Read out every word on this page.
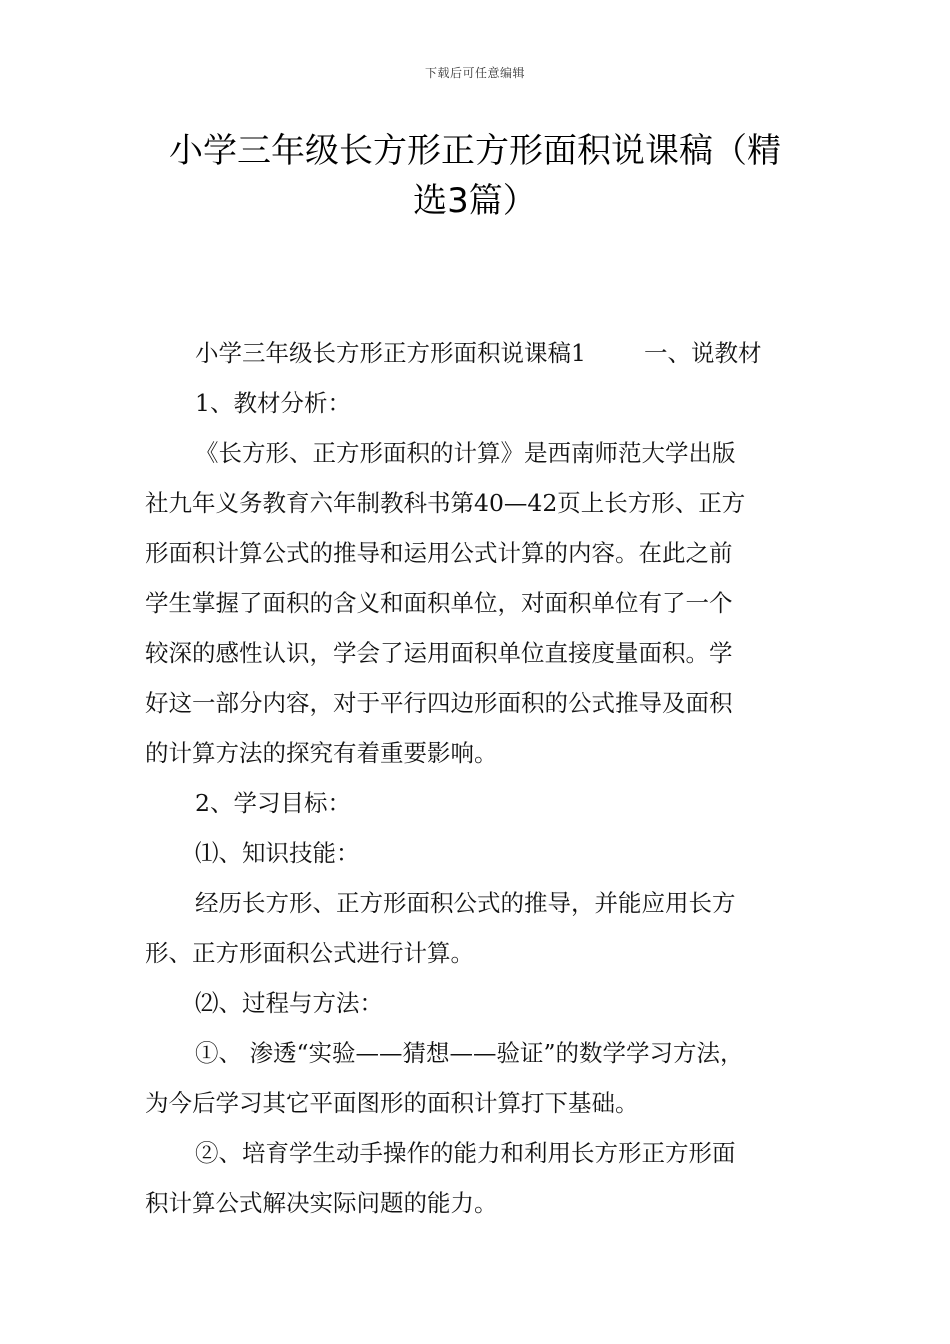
下载后可任意编辑
小学三年级长方形正方形面积说课稿（精
选3篇）

小学三年级长方形正方形面积说课稿1 一、说教材

1、教材分析：

《长方形、正方形面积的计算》是西南师范大学出版
社九年义务教育六年制教科书第40—42页上长方形、正方
形面积计算公式的推导和运用公式计算的内容。在此之前
学生掌握了面积的含义和面积单位，对面积单位有了一个
较深的感性认识，学会了运用面积单位直接度量面积。学
好这一部分内容，对于平行四边形面积的公式推导及面积
的计算方法的探究有着重要影响。

2、学习目标：

⑴、知识技能：

经历长方形、正方形面积公式的推导，并能应用长方
形、正方形面积公式进行计算。

⑵、过程与方法：

①、 渗透“实验——猜想——验证”的数学学习方法，
为今后学习其它平面图形的面积计算打下基础。

②、培育学生动手操作的能力和利用长方形正方形面
积计算公式解决实际问题的能力。
